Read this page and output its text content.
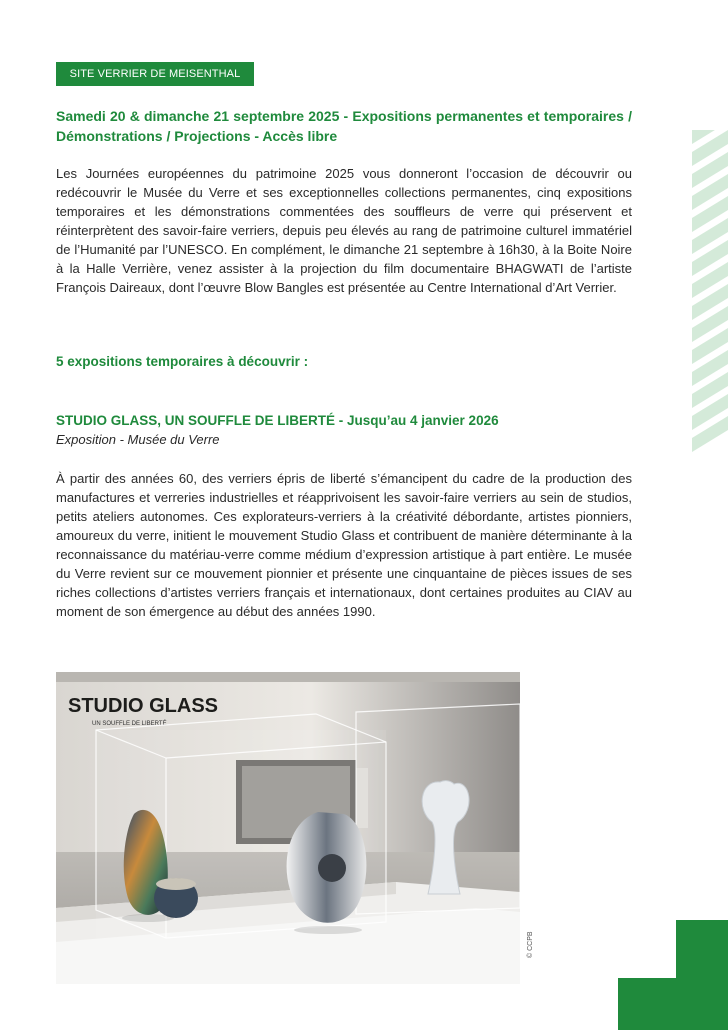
SITE VERRIER DE MEISENTHAL
Samedi 20 & dimanche 21 septembre 2025 - Expositions permanentes et temporaires / Démonstrations / Projections - Accès libre
Les Journées européennes du patrimoine 2025 vous donneront l’occasion de découvrir ou redécouvrir le Musée du Verre et ses exceptionnelles collections permanentes, cinq expositions temporaires et les démonstrations commentées des souffleurs de verre qui préservent et réinterprètent des savoir-faire verriers, depuis peu élevés au rang de patrimoine culturel immatériel de l’Humanité par l’UNESCO. En complément, le dimanche 21 septembre à 16h30, à la Boite Noire à la Halle Verrière, venez assister à la projection du film documentaire BHAGWATI de l’artiste François Daireaux, dont l’œuvre Blow Bangles est présentée au Centre International d’Art Verrier.
5 expositions temporaires à découvrir :
STUDIO GLASS, UN SOUFFLE DE LIBERTÉ - Jusqu’au 4 janvier 2026
Exposition - Musée du Verre
À partir des années 60, des verriers épris de liberté s’émancipent du cadre de la production des manufactures et verreries industrielles et réapprivoisent les savoir-faire verriers au sein de studios, petits ateliers autonomes. Ces explorateurs-verriers à la créativité débordante, artistes pionniers, amoureux du verre, initient le mouvement Studio Glass et contribuent de manière déterminante à la reconnaissance du matériau-verre comme médium d’expression artistique à part entière. Le musée du Verre revient sur ce mouvement pionnier et présente une cinquantaine de pièces issues de ses riches collections d’artistes verriers français et internationaux, dont certaines produites au CIAV au moment de son émergence au début des années 1990.
STUDIO GLASS
UN SOUFFLE DE LIBERTÉ
© CCPB
